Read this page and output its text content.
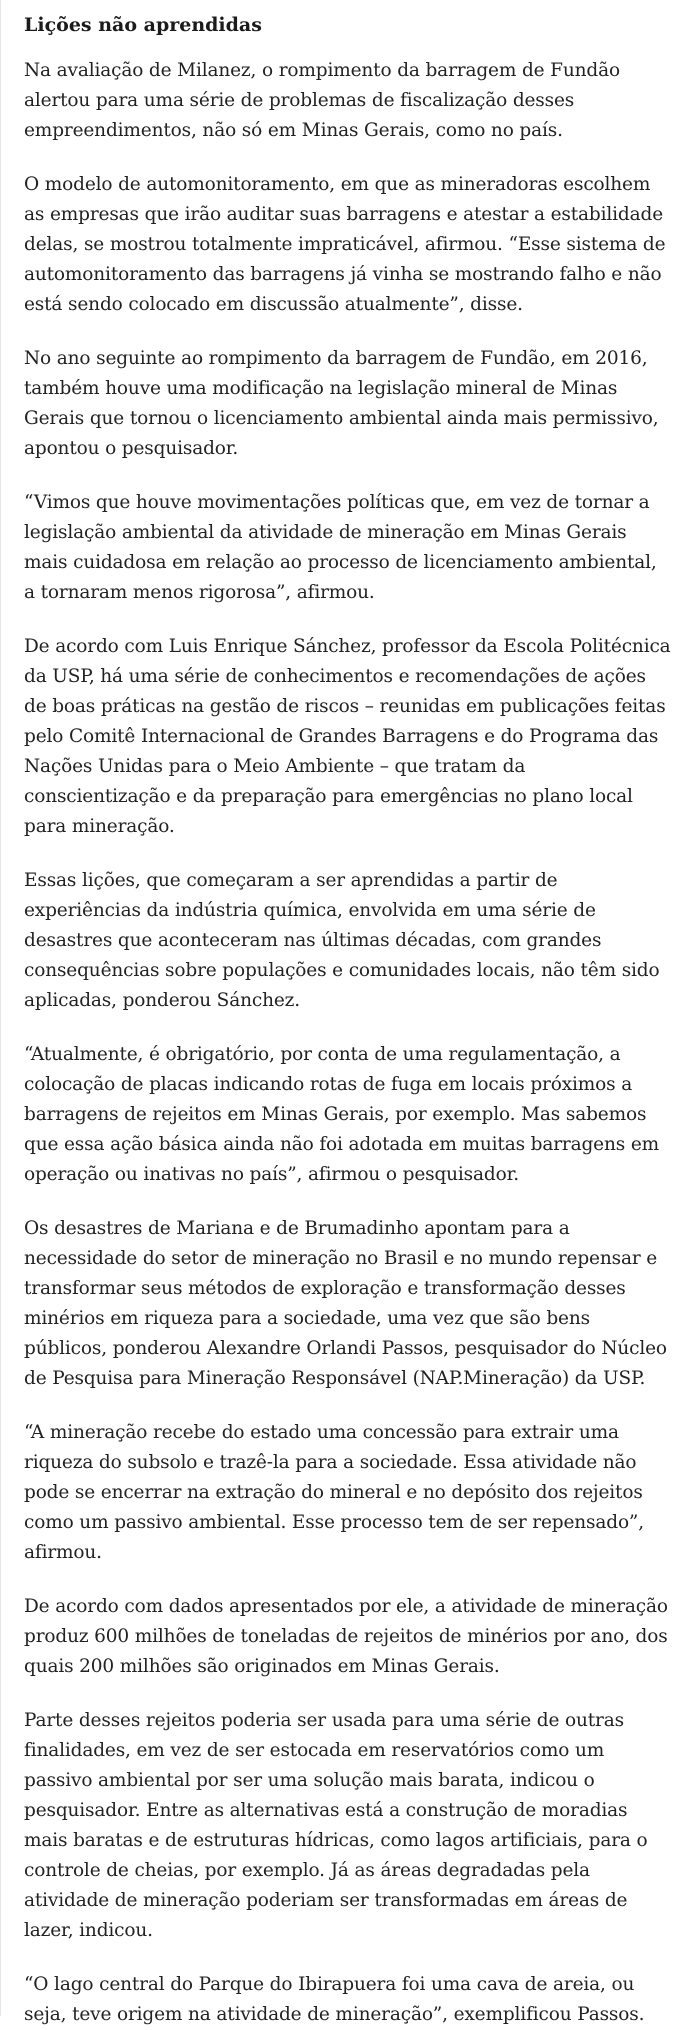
Lições não aprendidas

Na avaliação de Milanez, o rompimento da barragem de Fundão alertou para uma série de problemas de fiscalização desses empreendimentos, não só em Minas Gerais, como no país.

O modelo de automonitoramento, em que as mineradoras escolhem as empresas que irão auditar suas barragens e atestar a estabilidade delas, se mostrou totalmente impraticável, afirmou. “Esse sistema de automonitoramento das barragens já vinha se mostrando falho e não está sendo colocado em discussão atualmente”, disse.

No ano seguinte ao rompimento da barragem de Fundão, em 2016, também houve uma modificação na legislação mineral de Minas Gerais que tornou o licenciamento ambiental ainda mais permissivo, apontou o pesquisador.

“Vimos que houve movimentações políticas que, em vez de tornar a legislação ambiental da atividade de mineração em Minas Gerais mais cuidadosa em relação ao processo de licenciamento ambiental, a tornaram menos rigorosa”, afirmou.

De acordo com Luis Enrique Sánchez, professor da Escola Politécnica da USP, há uma série de conhecimentos e recomendações de ações de boas práticas na gestão de riscos – reunidas em publicações feitas pelo Comitê Internacional de Grandes Barragens e do Programa das Nações Unidas para o Meio Ambiente – que tratam da conscientização e da preparação para emergências no plano local para mineração.

Essas lições, que começaram a ser aprendidas a partir de experiências da indústria química, envolvida em uma série de desastres que aconteceram nas últimas décadas, com grandes consequências sobre populações e comunidades locais, não têm sido aplicadas, ponderou Sánchez.

“Atualmente, é obrigatório, por conta de uma regulamentação, a colocação de placas indicando rotas de fuga em locais próximos a barragens de rejeitos em Minas Gerais, por exemplo. Mas sabemos que essa ação básica ainda não foi adotada em muitas barragens em operação ou inativas no país”, afirmou o pesquisador.

Os desastres de Mariana e de Brumadinho apontam para a necessidade do setor de mineração no Brasil e no mundo repensar e transformar seus métodos de exploração e transformação desses minérios em riqueza para a sociedade, uma vez que são bens públicos, ponderou Alexandre Orlandi Passos, pesquisador do Núcleo de Pesquisa para Mineração Responsável (NAP.Mineração) da USP.

“A mineração recebe do estado uma concessão para extrair uma riqueza do subsolo e trazê-la para a sociedade. Essa atividade não pode se encerrar na extração do mineral e no depósito dos rejeitos como um passivo ambiental. Esse processo tem de ser repensado”, afirmou.

De acordo com dados apresentados por ele, a atividade de mineração produz 600 milhões de toneladas de rejeitos de minérios por ano, dos quais 200 milhões são originados em Minas Gerais.

Parte desses rejeitos poderia ser usada para uma série de outras finalidades, em vez de ser estocada em reservatórios como um passivo ambiental por ser uma solução mais barata, indicou o pesquisador. Entre as alternativas está a construção de moradias mais baratas e de estruturas hídricas, como lagos artificiais, para o controle de cheias, por exemplo. Já as áreas degradadas pela atividade de mineração poderiam ser transformadas em áreas de lazer, indicou.

“O lago central do Parque do Ibirapuera foi uma cava de areia, ou seja, teve origem na atividade de mineração”, exemplificou Passos.
